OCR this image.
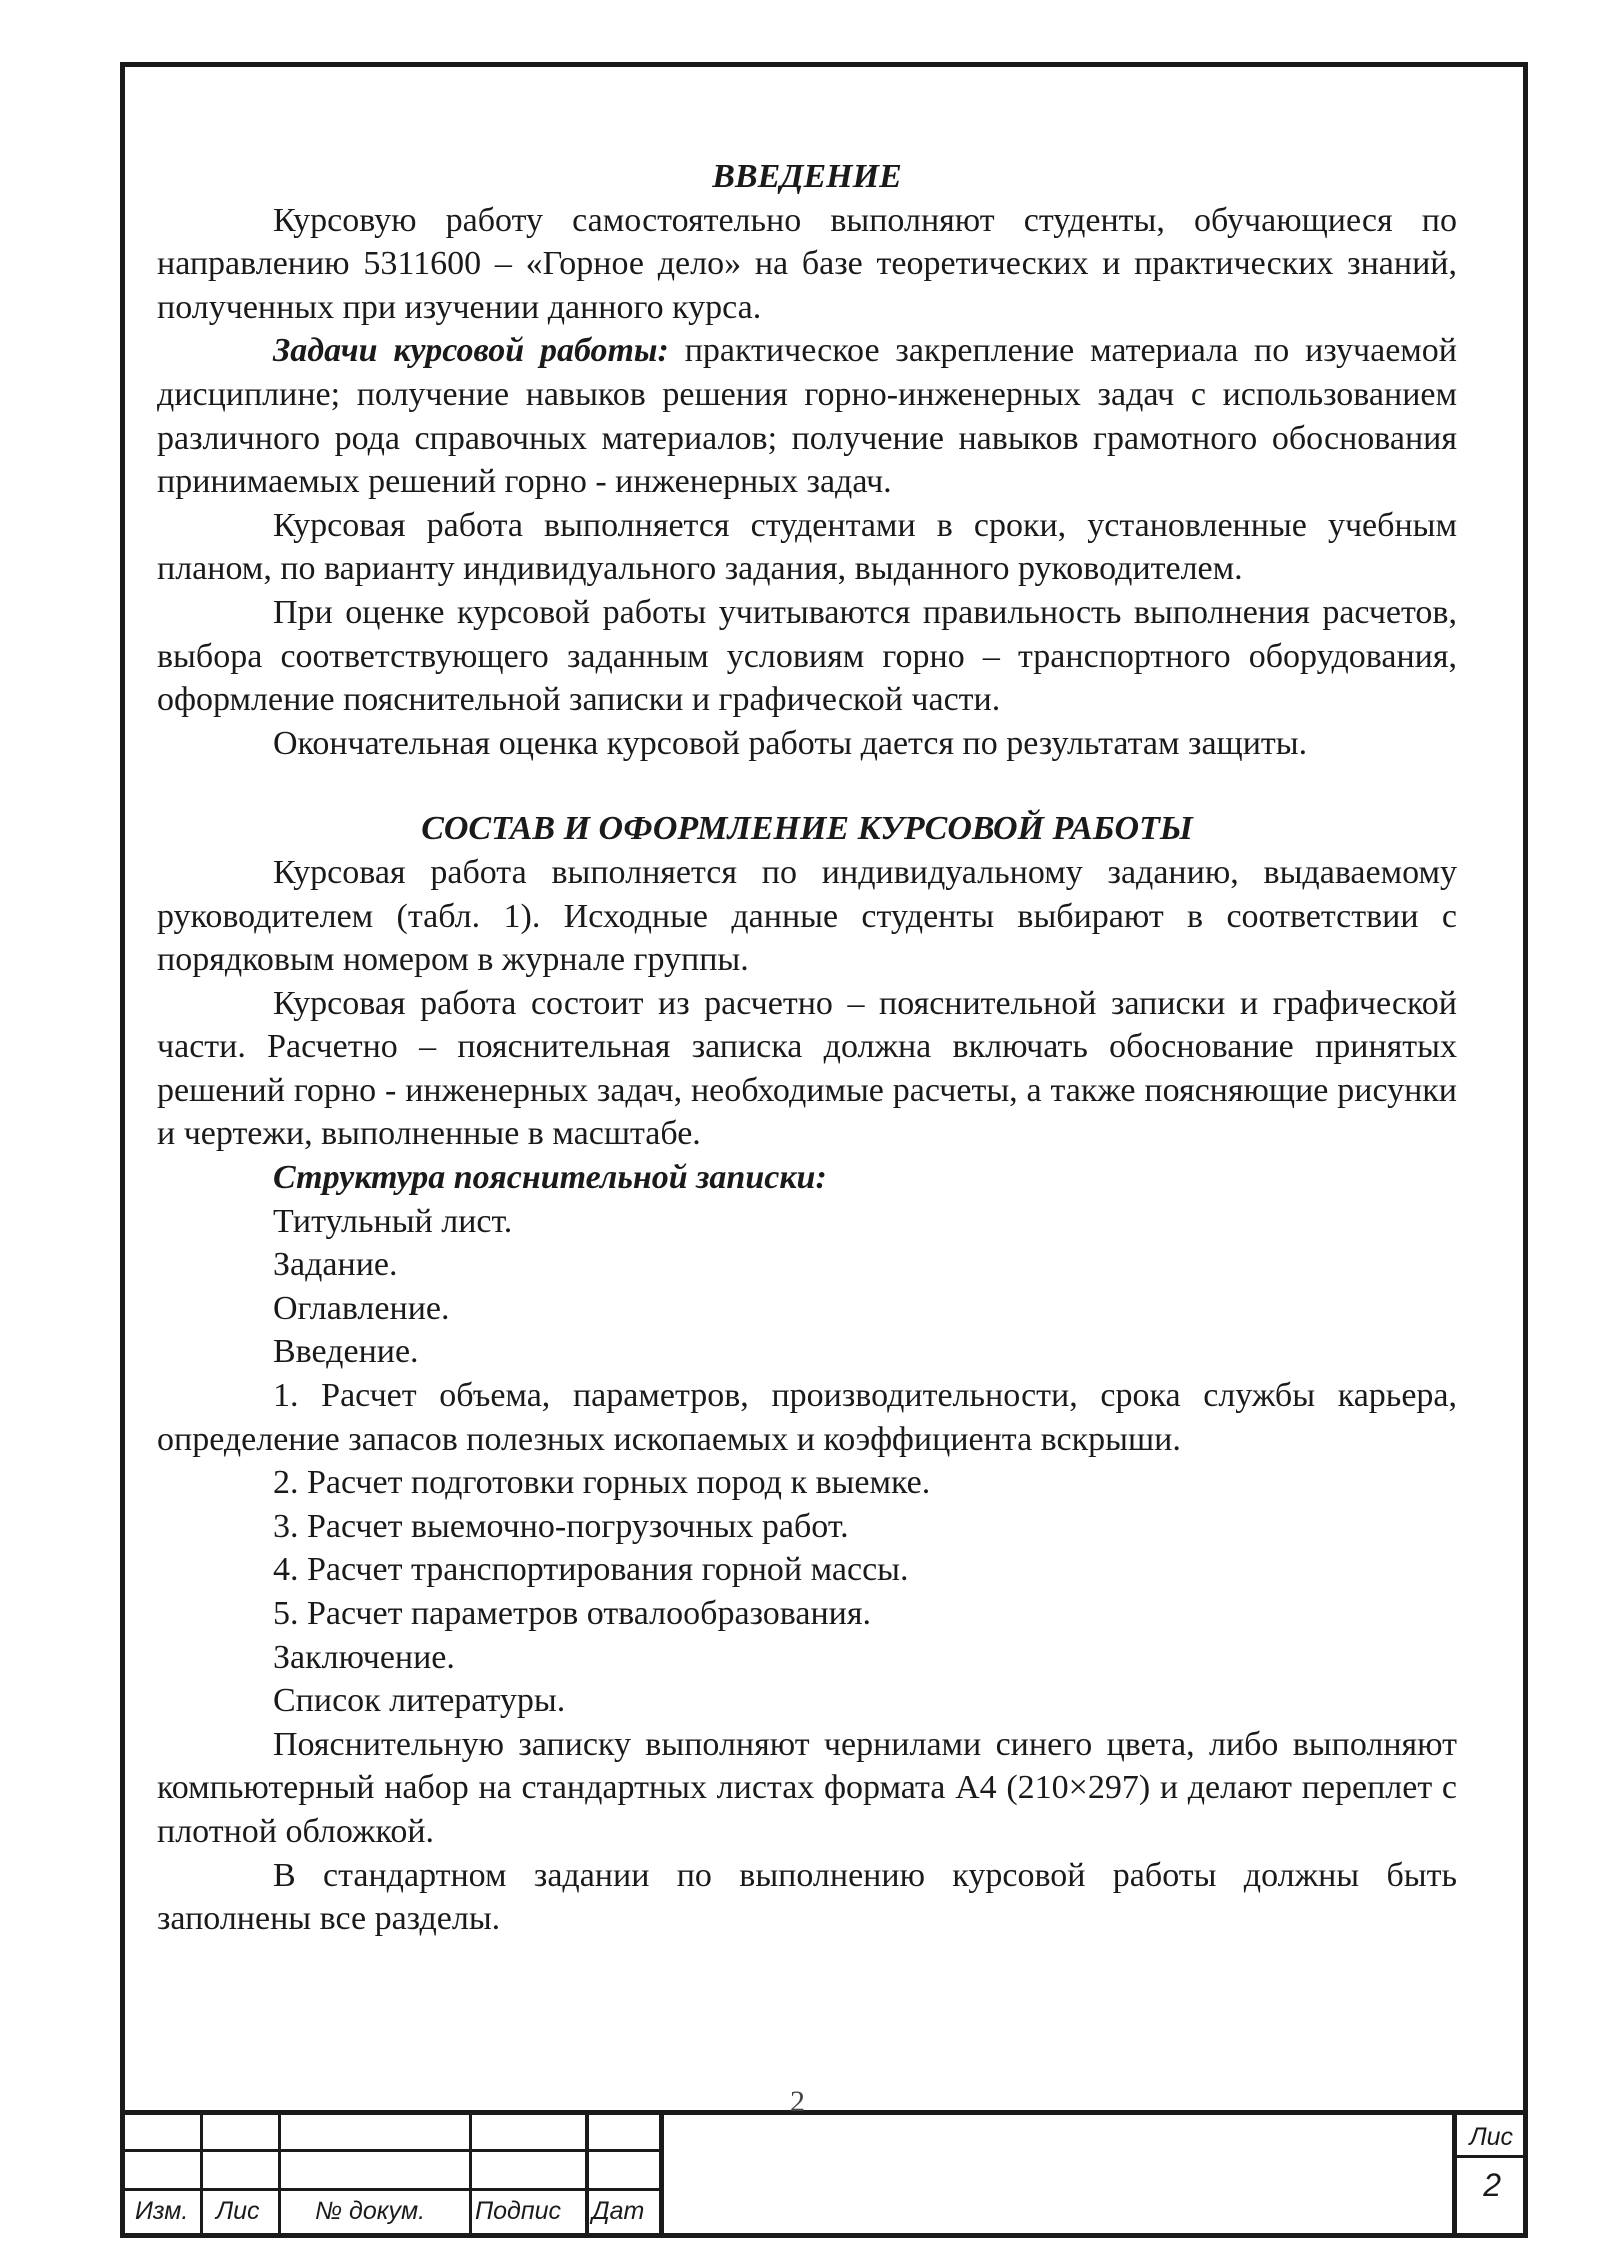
ВВЕДЕНИЕ

Курсовую работу самостоятельно выполняют студенты, обучающиеся по направлению 5311600 – «Горное дело» на базе теоретических и практических знаний, полученных при изучении данного курса.

Задачи курсовой работы: практическое закрепление материала по изучаемой дисциплине; получение навыков решения горно-инженерных задач с использованием различного рода справочных материалов; получение навыков грамотного обоснования принимаемых решений горно - инженерных задач.

Курсовая работа выполняется студентами в сроки, установленные учебным планом, по варианту индивидуального задания, выданного руководителем.

При оценке курсовой работы учитываются правильность выполнения расчетов, выбора соответствующего заданным условиям горно – транспортного оборудования, оформление пояснительной записки и графической части.

Окончательная оценка курсовой работы дается по результатам защиты.

СОСТАВ И ОФОРМЛЕНИЕ КУРСОВОЙ РАБОТЫ

Курсовая работа выполняется по индивидуальному заданию, выдаваемому руководителем (табл. 1). Исходные данные студенты выбирают в соответствии с порядковым номером в журнале группы.

Курсовая работа состоит из расчетно – пояснительной записки и графической части. Расчетно – пояснительная записка должна включать обоснование принятых решений горно - инженерных задач, необходимые расчеты, а также поясняющие рисунки и чертежи, выполненные в масштабе.

Структура пояснительной записки:

Титульный лист.

Задание.

Оглавление.

Введение.

1. Расчет объема, параметров, производительности, срока службы карьера, определение запасов полезных ископаемых и коэффициента вскрыши.

2. Расчет подготовки горных пород к выемке.

3. Расчет выемочно-погрузочных работ.

4. Расчет транспортирования горной массы.

5. Расчет параметров отвалообразования.

Заключение.

Список литературы.

Пояснительную записку выполняют чернилами синего цвета, либо выполняют компьютерный набор на стандартных листах формата А4 (210×297) и делают переплет с плотной обложкой.

В стандартном задании по выполнению курсовой работы должны быть заполнены все разделы.

2
Изм. Лис № докум. Подпис Дат
Лис
2
